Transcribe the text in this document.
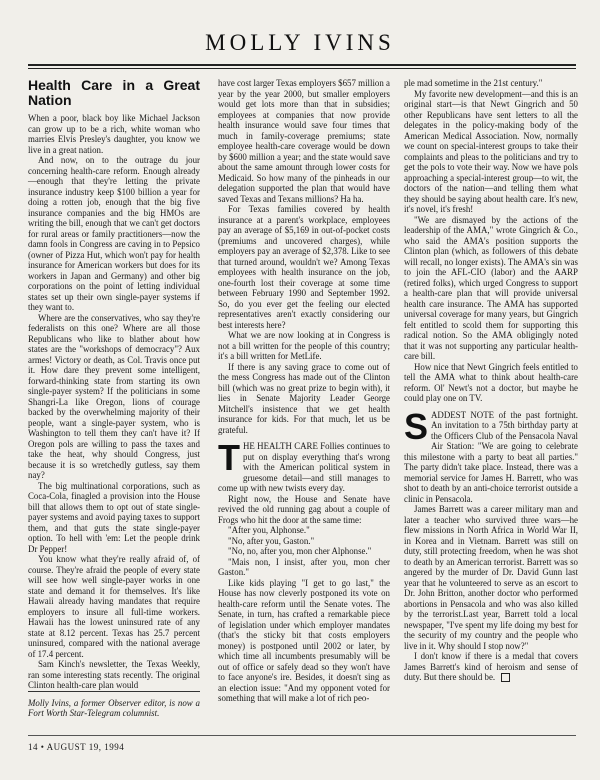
MOLLY IVINS
Health Care in a Great Nation

When a poor, black boy like Michael Jackson can grow up to be a rich, white woman who marries Elvis Presley's daughter, you know we live in a great nation.

And now, on to the outrage du jour concerning health-care reform. Enough already—enough that they're letting the private insurance industry keep $100 billion a year for doing a rotten job, enough that the big five insurance companies and the big HMOs are writing the bill, enough that we can't get doctors for rural areas or family practitioners—now the damn fools in Congress are caving in to Pepsico (owner of Pizza Hut, which won't pay for health insurance for American workers but does for its workers in Japan and Germany) and other big corporations on the point of letting individual states set up their own single-payer systems if they want to.

Where are the conservatives, who say they're federalists on this one? Where are all those Republicans who like to blather about how states are the "workshops of democracy"? Aux armes! Victory or death, as Col. Travis once put it. How dare they prevent some intelligent, forward-thinking state from starting its own single-payer system? If the politicians in some Shangri-La like Oregon, lions of courage backed by the overwhelming majority of their people, want a single-payer system, who is Washington to tell them they can't have it? If Oregon pols are willing to pass the taxes and take the heat, why should Congress, just because it is so wretchedly gutless, say them nay?

The big multinational corporations, such as Coca-Cola, finagled a provision into the House bill that allows them to opt out of state single-payer systems and avoid paying taxes to support them, and that guts the state single-payer option. To hell with 'em: Let the people drink Dr Pepper!

You know what they're really afraid of, of course. They're afraid the people of every state will see how well single-payer works in one state and demand it for themselves. It's like Hawaii already having mandates that require employers to insure all full-time workers. Hawaii has the lowest uninsured rate of any state at 8.12 percent. Texas has 25.7 percent uninsured, compared with the national average of 17.4 percent.

Sam Kinch's newsletter, the Texas Weekly, ran some interesting stats recently. The original Clinton health-care plan would

Molly Ivins, a former Observer editor, is now a Fort Worth Star-Telegram columnist.

have cost larger Texas employers $657 million a year by the year 2000, but smaller employers would get lots more than that in subsidies; employees at companies that now provide health insurance would save four times that much in family-coverage premiums; state employee health-care coverage would be down by $600 million a year; and the state would save about the same amount through lower costs for Medicaid. So how many of the pinheads in our delegation supported the plan that would have saved Texas and Texans millions? Ha ha.

For Texas families covered by health insurance at a parent's workplace, employees pay an average of $5,169 in out-of-pocket costs (premiums and uncovered charges), while employers pay an average of $2,378. Like to see that turned around, wouldn't we? Among Texas employees with health insurance on the job, one-fourth lost their coverage at some time between February 1990 and September 1992. So, do you ever get the feeling our elected representatives aren't exactly considering our best interests here?

What we are now looking at in Congress is not a bill written for the people of this country; it's a bill written for MetLife.

If there is any saving grace to come out of the mess Congress has made out of the Clinton bill (which was no great prize to begin with), it lies in Senate Majority Leader George Mitchell's insistence that we get health insurance for kids. For that much, let us be grateful.

THE HEALTH CARE Follies continues to put on display everything that's wrong with the American political system in gruesome detail—and still manages to come up with new twists every day.

Right now, the House and Senate have revived the old running gag about a couple of Frogs who hit the door at the same time:

"After you, Alphonse."

"No, after you, Gaston."

"No, no, after you, mon cher Alphonse."

"Mais non, I insist, after you, mon cher Gaston."

Like kids playing "I get to go last," the House has now cleverly postponed its vote on health-care reform until the Senate votes. The Senate, in turn, has crafted a remarkable piece of legislation under which employer mandates (that's the sticky bit that costs employers money) is postponed until 2002 or later, by which time all incumbents presumably will be out of office or safely dead so they won't have to face anyone's ire. Besides, it doesn't sing as an election issue: "And my opponent voted for something that will make a lot of rich peo-

ple mad sometime in the 21st century."

My favorite new development—and this is an original start—is that Newt Gingrich and 50 other Republicans have sent letters to all the delegates in the policy-making body of the American Medical Association. Now, normally we count on special-interest groups to take their complaints and pleas to the politicians and try to get the pols to vote their way. Now we have pols approaching a special-interest group—to wit, the doctors of the nation—and telling them what they should be saying about health care. It's new, it's novel, it's fresh!

"We are dismayed by the actions of the leadership of the AMA," wrote Gingrich & Co., who said the AMA's position supports the Clinton plan (which, as followers of this debate will recall, no longer exists). The AMA's sin was to join the AFL-CIO (labor) and the AARP (retired folks), which urged Congress to support a health-care plan that will provide universal health care insurance. The AMA has supported universal coverage for many years, but Gingrich felt entitled to scold them for supporting this radical notion. So the AMA obligingly noted that it was not supporting any particular health-care bill.

How nice that Newt Gingrich feels entitled to tell the AMA what to think about health-care reform. Ol' Newt's not a doctor, but maybe he could play one on TV.

SADDEST NOTE of the past fortnight. An invitation to a 75th birthday party at the Officers Club of the Pensacola Naval Air Station: "We are going to celebrate this milestone with a party to beat all parties." The party didn't take place. Instead, there was a memorial service for James H. Barrett, who was shot to death by an anti-choice terrorist outside a clinic in Pensacola.

James Barrett was a career military man and later a teacher who survived three wars—he flew missions in North Africa in World War II, in Korea and in Vietnam. Barrett was still on duty, still protecting freedom, when he was shot to death by an American terrorist. Barrett was so angered by the murder of Dr. David Gunn last year that he volunteered to serve as an escort to Dr. John Britton, another doctor who performed abortions in Pensacola and who was also killed by the terrorist.Last year, Barrett told a local newspaper, "I've spent my life doing my best for the security of my country and the people who live in it. Why should I stop now?"

I don't know if there is a medal that covers James Barrett's kind of heroism and sense of duty. But there should be.

14 • AUGUST 19, 1994
